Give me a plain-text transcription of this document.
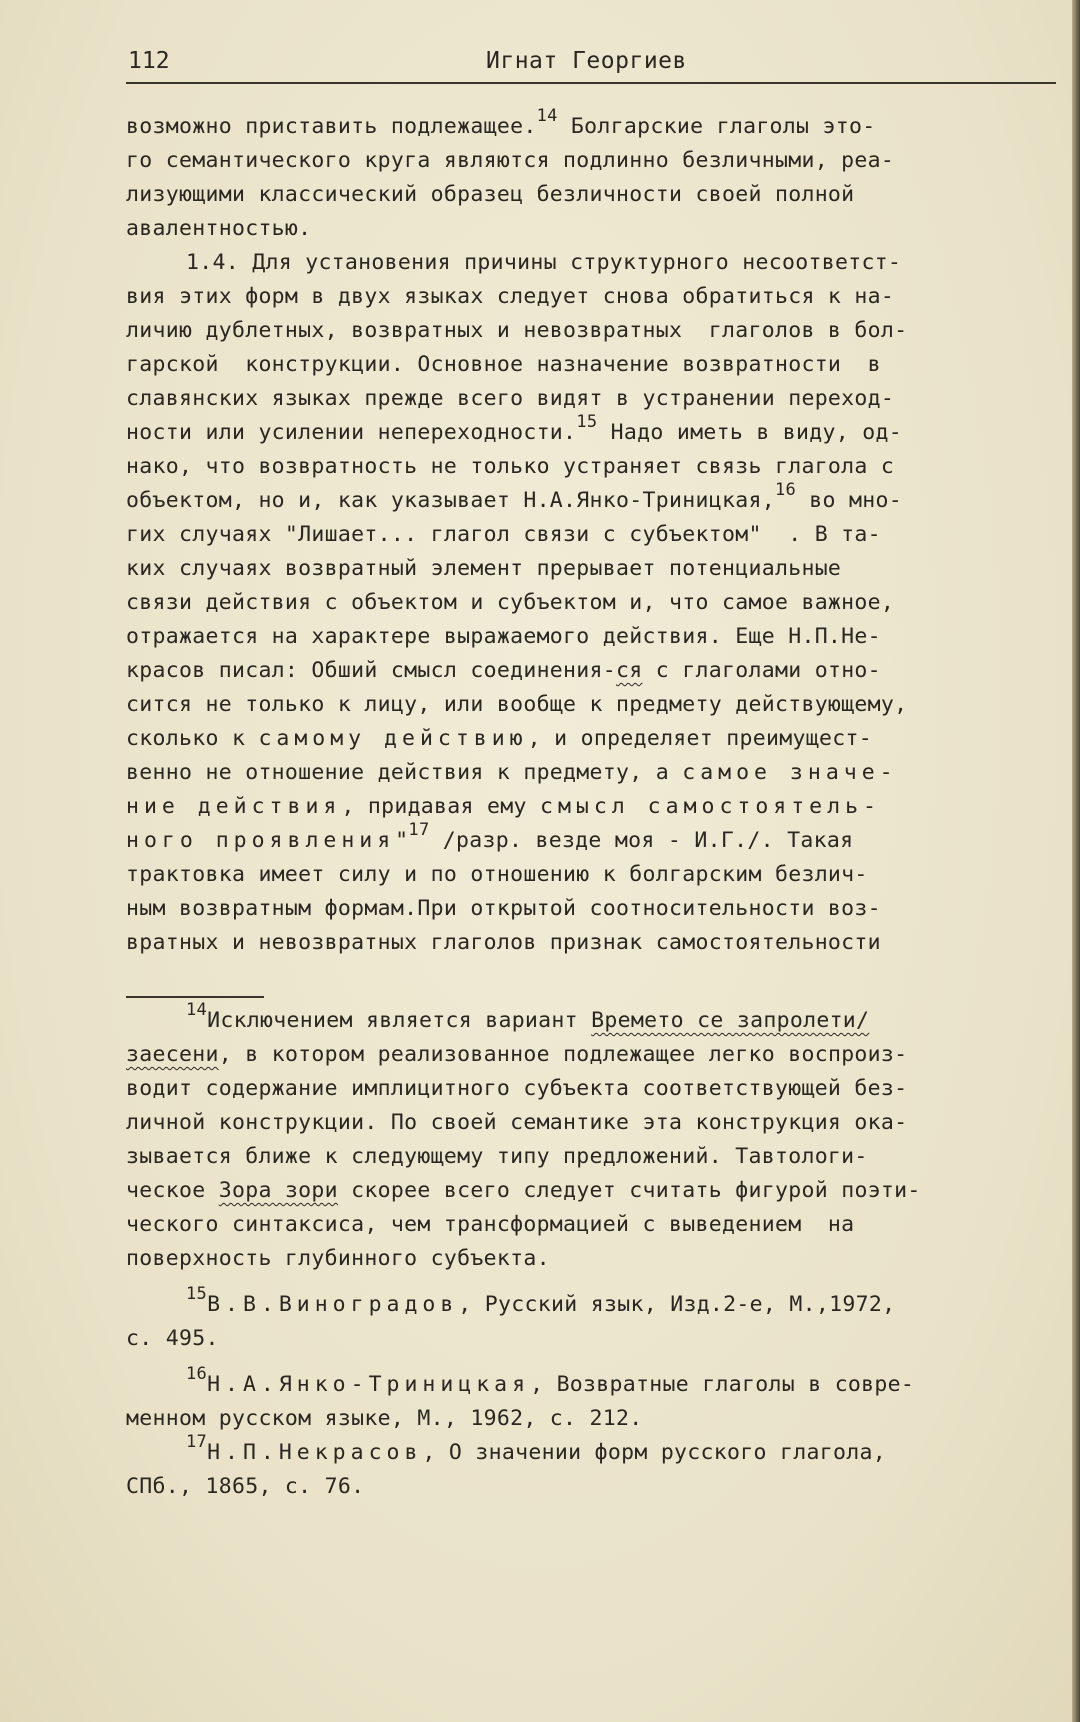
112	Игнат Георгиев
возможно приставить подлежащее.$^{14}$ Болгарские глаголы это-
го семантического круга являются подлинно безличными, реа-
лизующими классический образец безличности своей полной
авалентностью.
1.4. Для установения причины структурного несоответст-
вия этих форм в двух языках следует снова обратиться к на-
личию дублетных, возвратных и невозвратных  глаголов в бол-
гарской  конструкции. Основное назначение возвратности  в
славянских языках прежде всего видят в устранении переход-
ности или усилении непереходности.$^{15}$ Надо иметь в виду, од-
нако, что возвратность не только устраняет связь глагола с
объектом, но и, как указывает Н.А.Янко-Триницкая,$^{16}$ во мно-
гих случаях "Лишает... глагол связи с субъектом"  . В та-
ких случаях возвратный элемент прерывает потенциальные
связи действия с объектом и субъектом и, что самое важное,
отражается на характере выражаемого действия. Еще Н.П.Не-
красов писал: Обший смысл соединения-ся с глаголами отно-
сится не только к лицу, или вообще к предмету действующему,
сколько к самому действию, и определяет преимущест-
венно не отношение действия к предмету, а самое значе-
ние действия, придавая ему смысл самостоятель-
ного проявления"$^{17}$ /разр. везде моя - И.Г./. Такая
трактовка имеет силу и по отношению к болгарским безлич-
ным возвратным формам.При открытой соотносительности воз-
вратных и невозвратных глаголов признак самостоятельности
$^{14}$Исключением является вариант Времето се запролети/
заесени, в котором реализованное подлежащее легко воспроиз-
водит содержание имплицитного субъекта соответствующей без-
личной конструкции. По своей семантике эта конструкция ока-
зывается ближе к следующему типу предложений. Тавтологи-
ческое Зора зори скорее всего следует считать фигурой поэти-
ческого синтаксиса, чем трансформацией с выведением  на
поверхность глубинного субъекта.
$^{15}$В.В.Виноградов, Русский язык, Изд.2-е, М.,1972,
с. 495.
$^{16}$Н.А.Янко-Триницкая, Возвратные глаголы в совре-
менном русском языке, М., 1962, с. 212.
$^{17}$Н.П.Некрасов, О значении форм русского глагола,
СПб., 1865, с. 76.
